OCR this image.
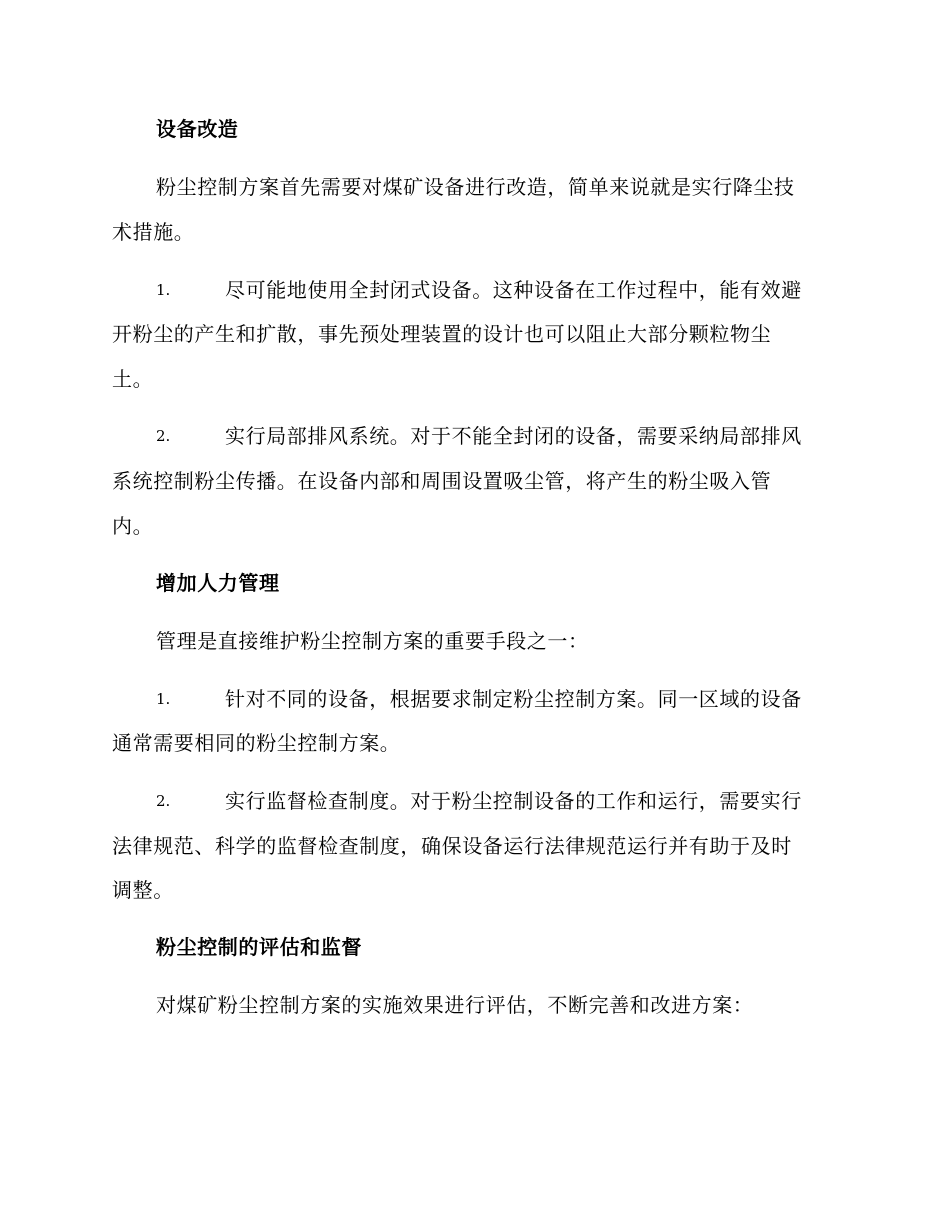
设备改造
粉尘控制方案首先需要对煤矿设备进行改造，简单来说就是实行降尘技
术措施。
1.	尽可能地使用全封闭式设备。这种设备在工作过程中，能有效避
开粉尘的产生和扩散，事先预处理装置的设计也可以阻止大部分颗粒物尘
土。
2.	实行局部排风系统。对于不能全封闭的设备，需要采纳局部排风
系统控制粉尘传播。在设备内部和周围设置吸尘管，将产生的粉尘吸入管
内。
增加人力管理
管理是直接维护粉尘控制方案的重要手段之一：
1.	针对不同的设备，根据要求制定粉尘控制方案。同一区域的设备
通常需要相同的粉尘控制方案。
2.	实行监督检查制度。对于粉尘控制设备的工作和运行，需要实行
法律规范、科学的监督检查制度，确保设备运行法律规范运行并有助于及时
调整。
粉尘控制的评估和监督
对煤矿粉尘控制方案的实施效果进行评估，不断完善和改进方案：
